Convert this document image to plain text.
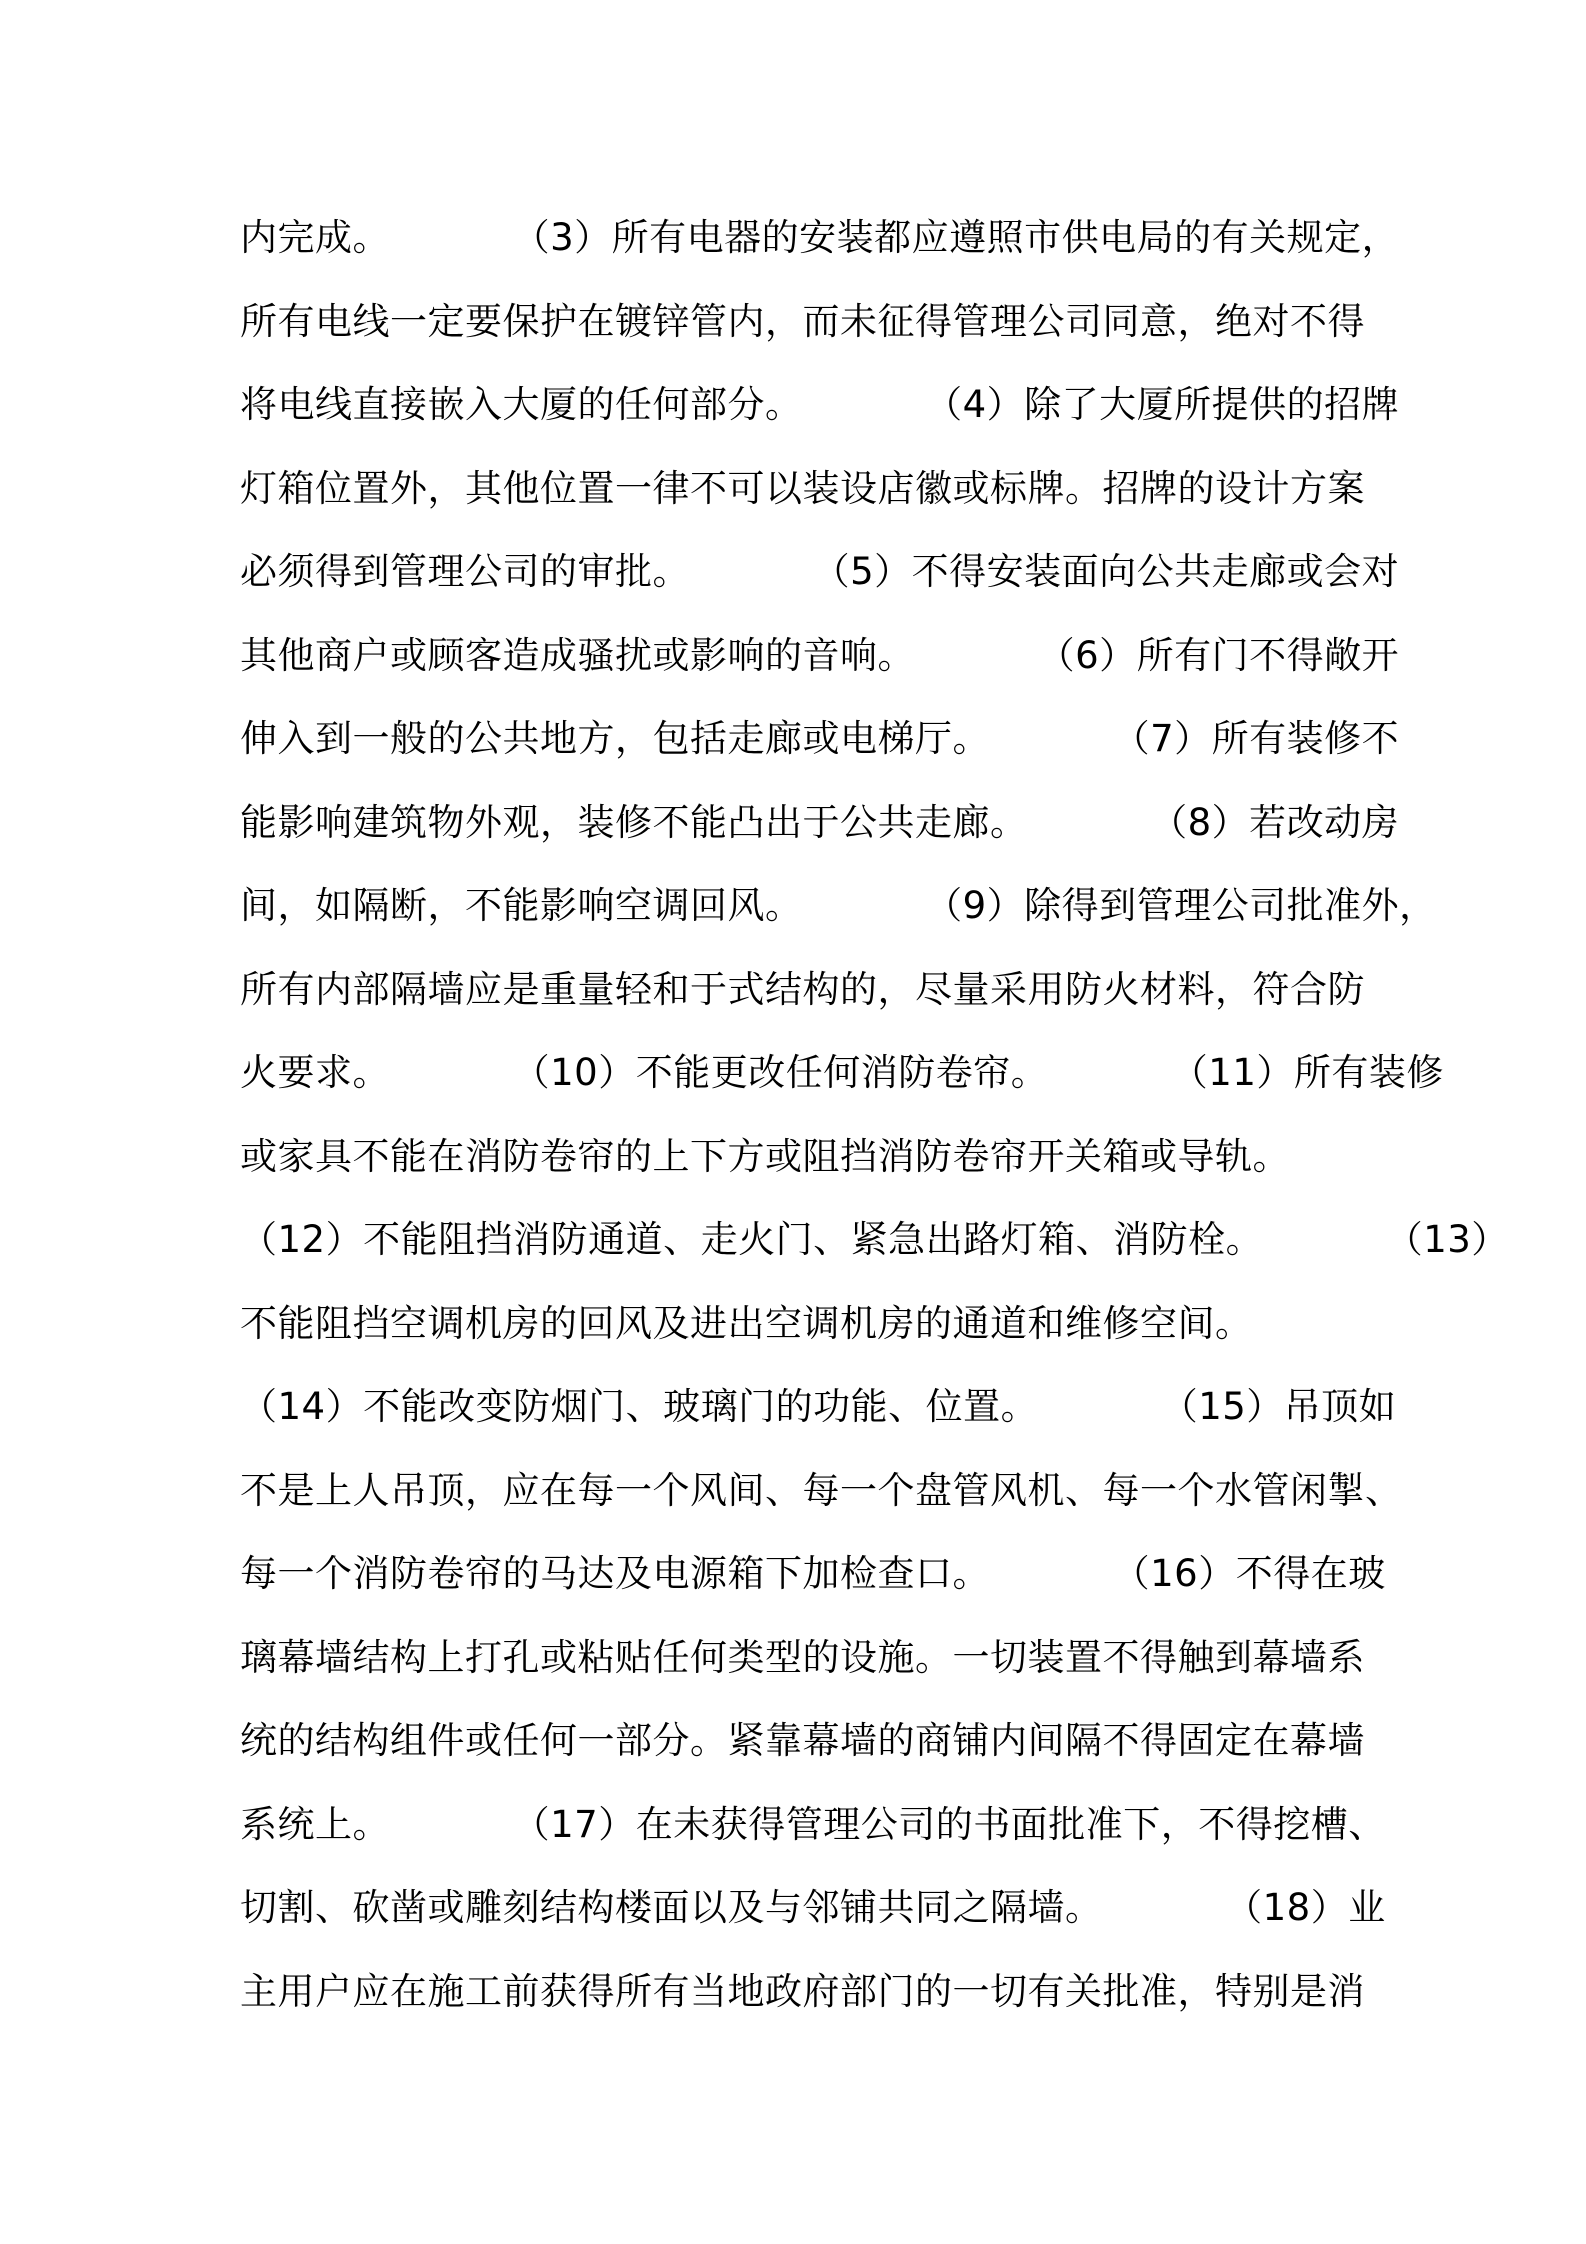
内完成。          （3）所有电器的安装都应遵照市供电局的有关规定，
所有电线一定要保护在镀锌管内，而未征得管理公司同意，绝对不得
将电线直接嵌入大厦的任何部分。          （4）除了大厦所提供的招牌
灯箱位置外，其他位置一律不可以装设店徽或标牌。招牌的设计方案
必须得到管理公司的审批。          （5）不得安装面向公共走廊或会对
其他商户或顾客造成骚扰或影响的音响。          （6）所有门不得敞开
伸入到一般的公共地方，包括走廊或电梯厅。          （7）所有装修不
能影响建筑物外观，装修不能凸出于公共走廊。          （8）若改动房
间，如隔断，不能影响空调回风。          （9）除得到管理公司批准外，
所有内部隔墙应是重量轻和于式结构的，尽量采用防火材料，符合防
火要求。          （10）不能更改任何消防卷帘。          （11）所有装修
或家具不能在消防卷帘的上下方或阻挡消防卷帘开关箱或导轨。
（12）不能阻挡消防通道、走火门、紧急出路灯箱、消防栓。          （13）
不能阻挡空调机房的回风及进出空调机房的通道和维修空间。
（14）不能改变防烟门、玻璃门的功能、位置。          （15）吊顶如
不是上人吊顶，应在每一个风间、每一个盘管风机、每一个水管闲掣、
每一个消防卷帘的马达及电源箱下加检查口。          （16）不得在玻
璃幕墙结构上打孔或粘贴任何类型的设施。一切装置不得触到幕墙系
统的结构组件或任何一部分。紧靠幕墙的商铺内间隔不得固定在幕墙
系统上。          （17）在未获得管理公司的书面批准下，不得挖槽、
切割、砍凿或雕刻结构楼面以及与邻铺共同之隔墙。          （18）业
主用户应在施工前获得所有当地政府部门的一切有关批准，特别是消
